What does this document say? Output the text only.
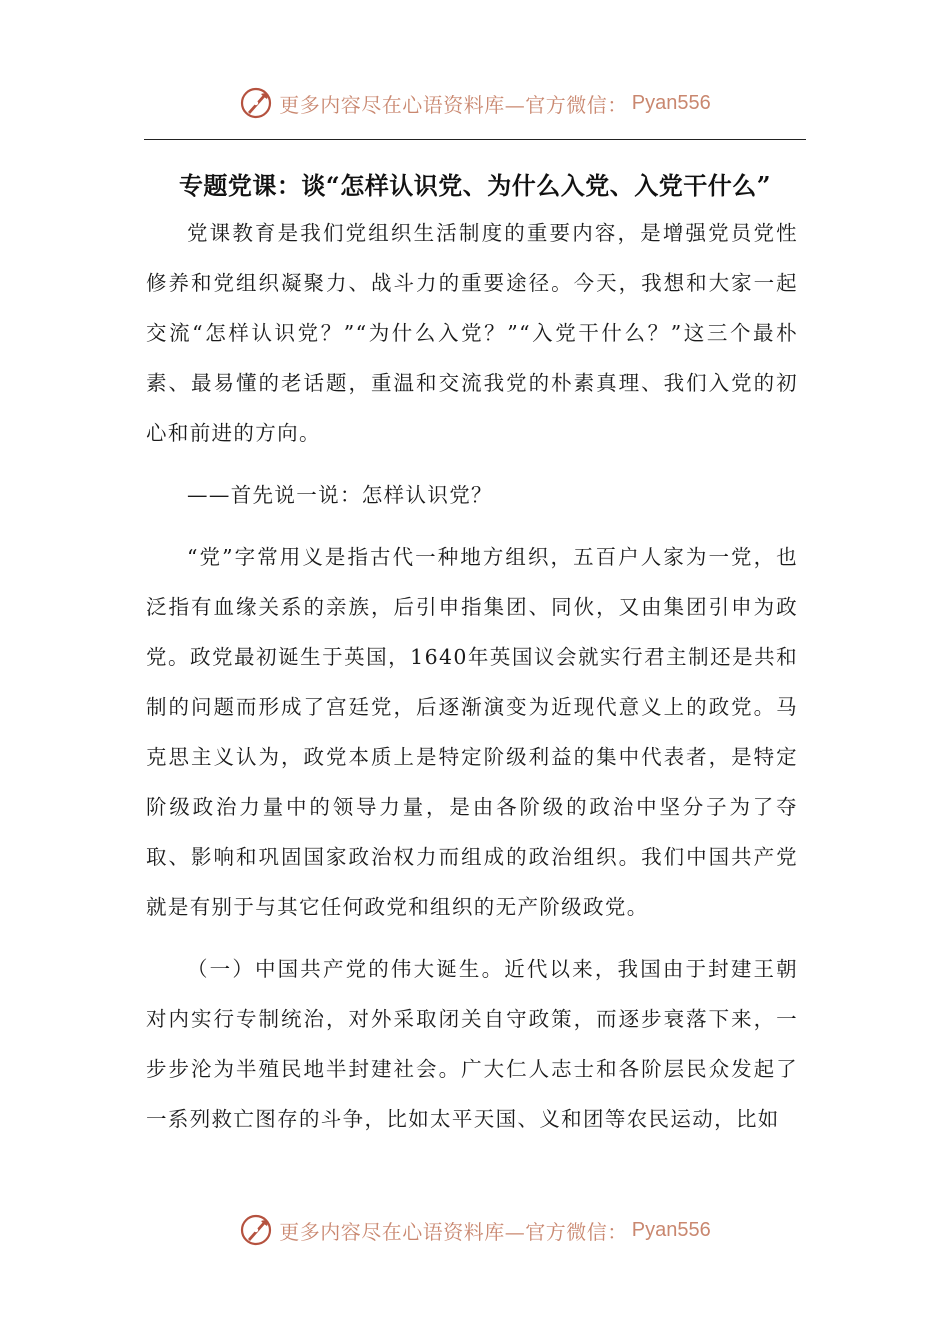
更多内容尽在心语资料库—官方微信： Pyan556
专题党课：谈“怎样认识党、为什么入党、入党干什么”

党课教育是我们党组织生活制度的重要内容，是增强党员党性修养和党组织凝聚力、战斗力的重要途径。今天，我想和大家一起交流“怎样认识党？”“为什么入党？”“入党干什么？”这三个最朴素、最易懂的老话题，重温和交流我党的朴素真理、我们入党的初心和前进的方向。

——首先说一说：怎样认识党？

“党”字常用义是指古代一种地方组织，五百户人家为一党，也泛指有血缘关系的亲族，后引申指集团、同伙，又由集团引申为政党。政党最初诞生于英国，1640年英国议会就实行君主制还是共和制的问题而形成了宫廷党，后逐渐演变为近现代意义上的政党。马克思主义认为，政党本质上是特定阶级利益的集中代表者，是特定阶级政治力量中的领导力量，是由各阶级的政治中坚分子为了夺取、影响和巩固国家政治权力而组成的政治组织。我们中国共产党就是有别于与其它任何政党和组织的无产阶级政党。

（一）中国共产党的伟大诞生。近代以来，我国由于封建王朝对内实行专制统治，对外采取闭关自守政策，而逐步衰落下来，一步步沦为半殖民地半封建社会。广大仁人志士和各阶层民众发起了一系列救亡图存的斗争，比如太平天国、义和团等农民运动，比如

更多内容尽在心语资料库—官方微信： Pyan556
